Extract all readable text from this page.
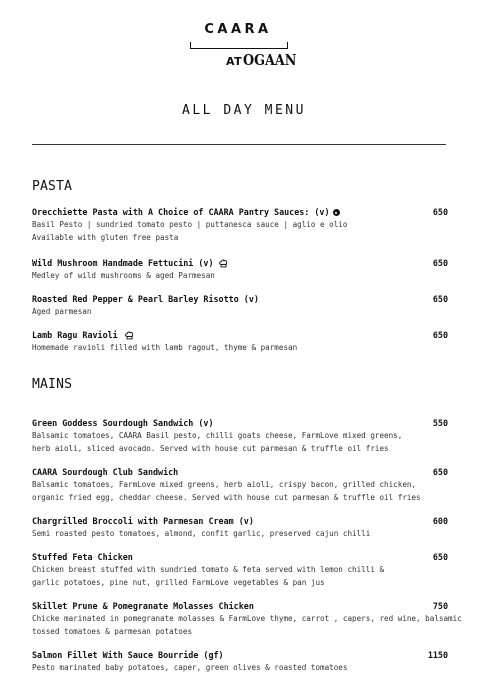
CAARA
AT OGAAN
ALL DAY MENU
PASTA
Orecchiette Pasta with A Choice of CAARA Pantry Sauces: (v)	650
Basil Pesto | sundried tomato pesto | puttanesca sauce | aglio e olio
Available with gluten free pasta
Wild Mushroom Handmade Fettucini (v)	650
Medley of wild mushrooms & aged Parmesan
Roasted Red Pepper & Pearl Barley Risotto (v)	650
Aged parmesan
Lamb Ragu Ravioli	650
Homemade ravioli filled with lamb ragout, thyme & parmesan
MAINS
Green Goddess Sourdough Sandwich (v)	550
Balsamic tomatoes, CAARA Basil pesto, chilli goats cheese, FarmLove mixed greens,
herb aioli, sliced avocado. Served with house cut parmesan & truffle oil fries
CAARA Sourdough Club Sandwich	650
Balsamic tomatoes, FarmLove mixed greens, herb aioli, crispy bacon, grilled chicken,
organic fried egg, cheddar cheese. Served with house cut parmesan & truffle oil fries
Chargrilled Broccoli with Parmesan Cream (v)	600
Semi roasted pesto tomatoes, almond, confit garlic, preserved cajun chilli
Stuffed Feta Chicken	650
Chicken breast stuffed with sundried tomato & feta served with lemon chilli &
garlic potatoes, pine nut, grilled FarmLove vegetables & pan jus
Skillet Prune & Pomegranate Molasses Chicken	750
Chicke marinated in pomegranate molasses & FarmLove thyme, carrot , capers, red wine, balsamic
tossed tomatoes & parmesan potatoes
Salmon Fillet With Sauce Bourride (gf)	1150
Pesto marinated baby potatoes, caper, green olives & roasted tomatoes
